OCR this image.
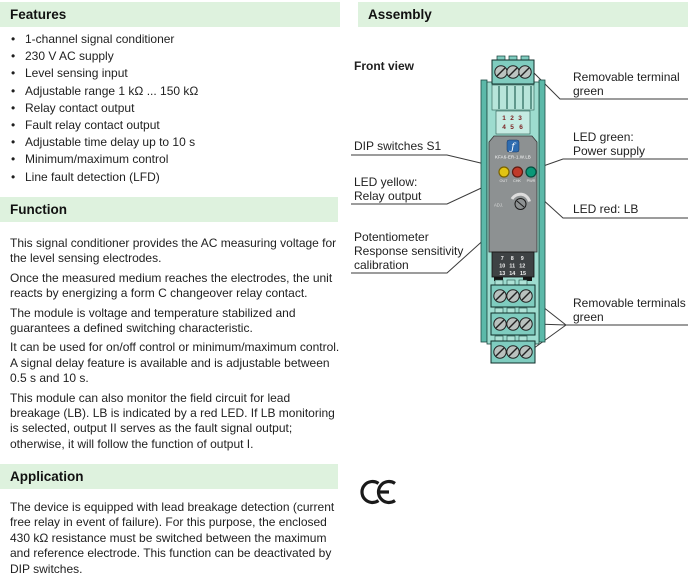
Features	Assembly
Function
Application
• 1-channel signal conditioner
• 230 V AC supply
• Level sensing input
• Adjustable range 1 kΩ ... 150 kΩ
• Relay contact output
• Fault relay contact output
• Adjustable time delay up to 10 s
• Minimum/maximum control
• Line fault detection (LFD)

This signal conditioner provides the AC measuring voltage for the level sensing electrodes.

Once the measured medium reaches the electrodes, the unit reacts by energizing a form C changeover relay contact.

The module is voltage and temperature stabilized and guarantees a defined switching characteristic.

It can be used for on/off control or minimum/maximum control. A signal delay feature is available and is adjustable between 0.5 s and 10 s.

This module can also monitor the field circuit for lead breakage (LB). LB is indicated by a red LED. If LB monitoring is selected, output II serves as the fault signal output; otherwise, it will follow the function of output I.

The device is equipped with lead breakage detection (current free relay in event of failure). For this purpose, the enclosed 430 kΩ resistance must be switched between the maximum and reference electrode. This function can be deactivated by DIP switches.

Front view
DIP switches S1
LED yellow:
Relay output
Potentiometer
Response sensitivity
calibration
Removable terminal
green
LED green:
Power supply
LED red: LB
Removable terminals
green
1 2 3 4 5 6
ƒ
KFA6-ER-1.W.LB
OUT CHK PWR
ADJ.
7 8 9 10 11 12 13 14 15
